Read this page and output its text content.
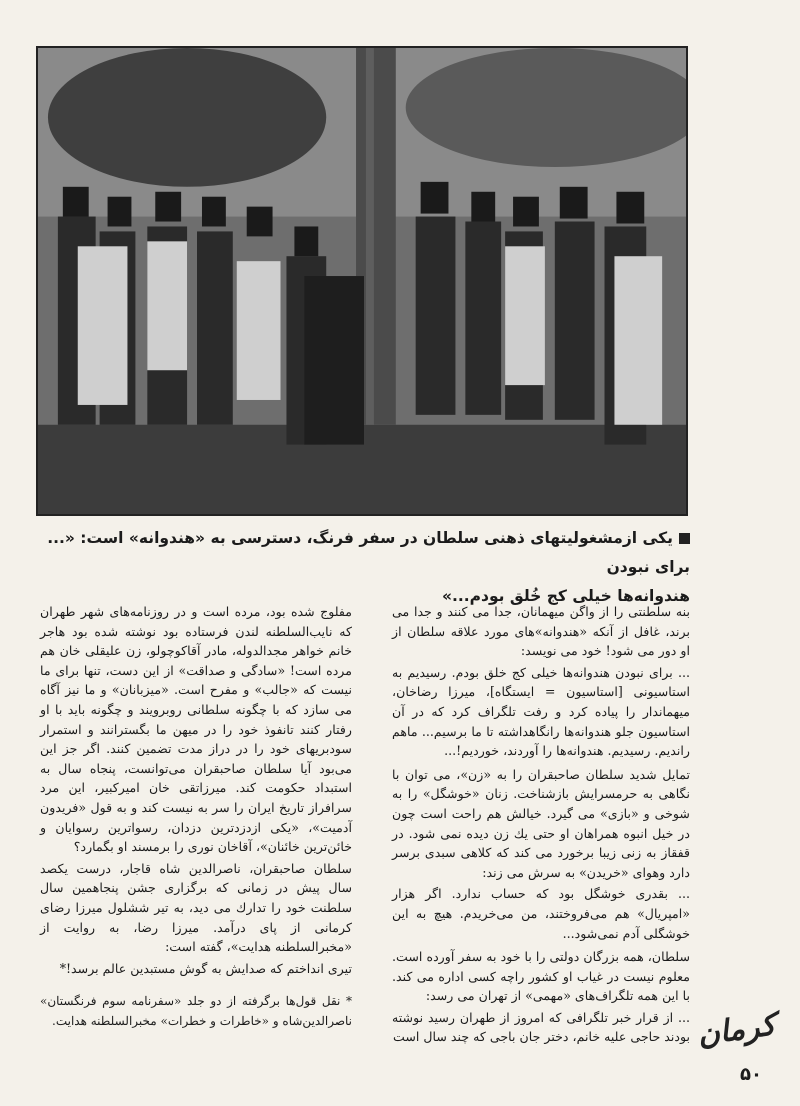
یکی ازمشغولیتهای ذهنی سلطان در سفر فرنگ، دسترسی به «هندوانه» است: «... برای نبودن
هندوانه‌ها خیلی کج خُلق بودم...»

بنه سلطنتی را از واگن میهمانان، جدا می کنند و جدا می برند، غافل از آنکه «هندوانه»های مورد علاقه سلطان از او دور می شود! خود می نویسد:

... برای نبودن هندوانه‌ها خیلی کج خلق بودم. رسیدیم به استاسیونی [استاسیون = ایستگاه]، میرزا رضاخان، میهماندار را پیاده کرد و رفت تلگراف کرد که در آن استاسیون جلو هندوانه‌ها رانگاهداشته تا ما برسیم... ماهم راندیم. رسیدیم. هندوانه‌ها را آوردند، خوردیم!...

تمایل شدید سلطان صاحبقران را به «زن»، می توان با نگاهی به حرمسرایش بازشناخت. زنان «خوشگل» را به شوخی و «بازی» می گیرد. خیالش هم راحت است چون در خیل انبوه همراهان او حتی یك زن دیده نمی شود. در قفقاز به زنی زیبا برخورد می کند که کلاهی سبدی برسر دارد وهوای «خریدن» به سرش می زند:

... بقدری خوشگل بود که حساب ندارد. اگر هزار «امپریال» هم می‌فروختند، من می‌خریدم. هیچ به این خوشگلی آدم نمی‌شود...

سلطان، همه بزرگان دولتی را با خود به سفر آورده است. معلوم نیست در غیاب او کشور راچه کسی اداره می کند. با این همه تلگراف‌های «مهمی» از تهران می رسد:

... از قرار خبر تلگرافی که امروز از طهران رسید نوشته بودند حاجی علیه خانم، دختر جان باجی که چند سال است

مفلوج شده بود، مرده است و در روزنامه‌های شهر طهران که نایب‌السلطنه لندن فرستاده بود نوشته شده بود هاجر خانم خواهر مجدالدوله، مادر آقاکوچولو، زن علیقلی خان هم مرده است! «سادگی و صداقت» از این دست، تنها برای ما نیست که «جالب» و مفرح است. «میزبانان» و ما نیز آگاه می سازد که با چگونه سلطانی روبرویند و چگونه باید با او رفتار کنند تانفوذ خود را در میهن ما بگسترانند و استمرار سودبریهای خود را در دراز مدت تضمین کنند. اگر جز این می‌بود آیا سلطان صاحبقران می‌توانست، پنجاه سال به استبداد حکومت کند. میرزاتقی خان امیرکبیر، این مرد سرافراز تاریخ ایران را سر به نیست کند و به قول «فریدون آدمیت»، «یکی ازدزدترین دزدان، رسواترین رسوایان و خائن‌ترین خائنان»، آقاخان نوری را برمسند او بگمارد؟

سلطان صاحبقران، ناصرالدین شاه قاجار، درست یکصد سال پیش در زمانی که برگزاری جشن پنجاهمین سال سلطنت خود را تدارك می دید، به تیر ششلول میرزا رضای کرمانی از پای درآمد. میرزا رضا، به روایت از «مخبرالسلطنه هدایت»، گفته است:

تیری انداختم که صدایش به گوش مستبدین عالم برسد!*

* نقل قول‌ها برگرفته از دو جلد «سفرنامه سوم فرنگستان» ناصرالدین‌شاه و «خاطرات و خطرات» مخبرالسلطنه هدایت.	کرمان
۵۰
